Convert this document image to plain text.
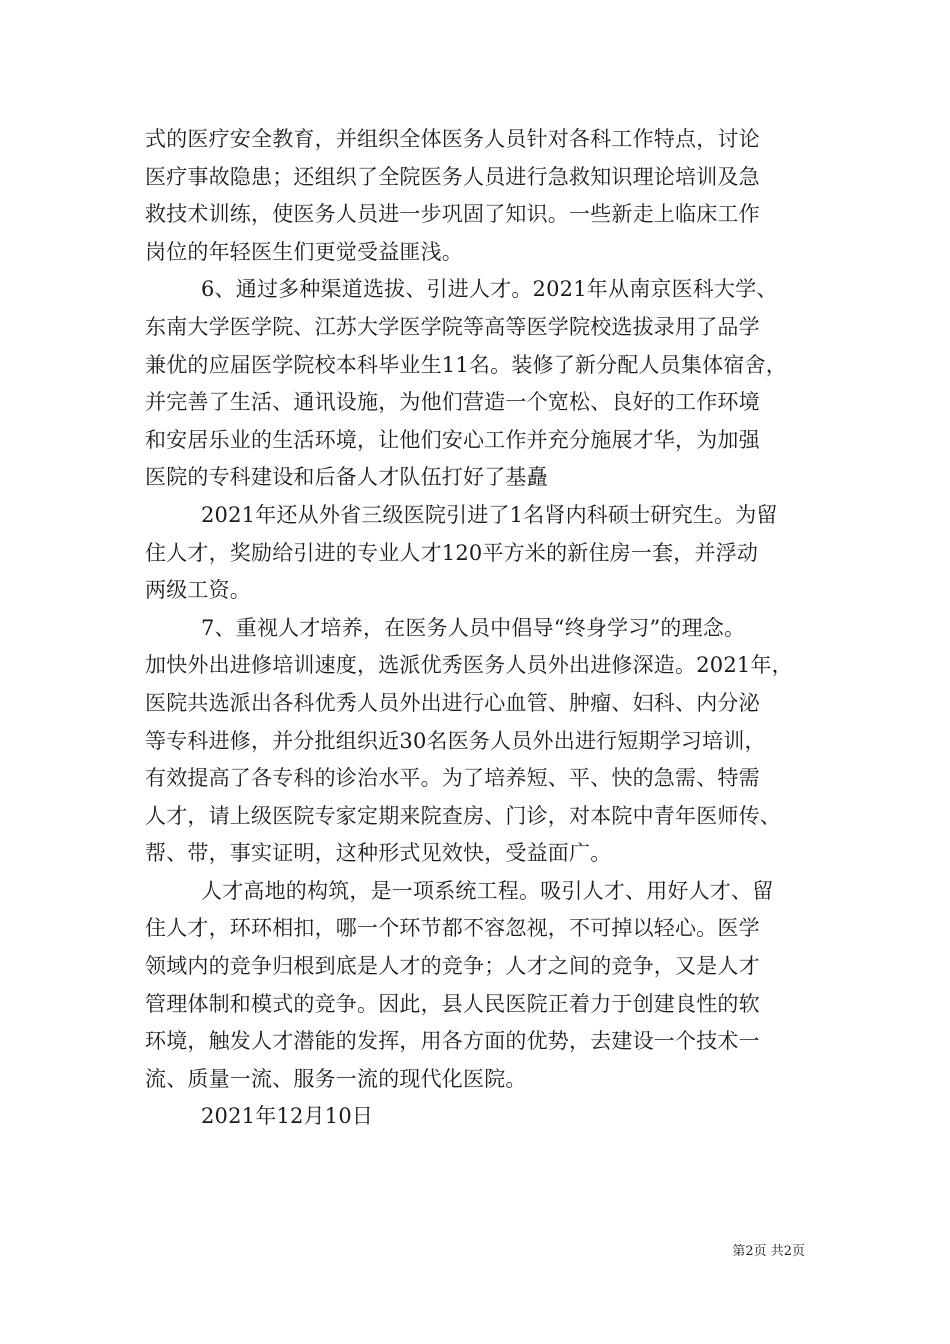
式的医疗安全教育，并组织全体医务人员针对各科工作特点，讨论
医疗事故隐患；还组织了全院医务人员进行急救知识理论培训及急
救技术训练，使医务人员进一步巩固了知识。一些新走上临床工作
岗位的年轻医生们更觉受益匪浅。
6、通过多种渠道选拔、引进人才。2021年从南京医科大学、
东南大学医学院、江苏大学医学院等高等医学院校选拔录用了品学
兼优的应届医学院校本科毕业生11名。装修了新分配人员集体宿舍，
并完善了生活、通讯设施，为他们营造一个宽松、良好的工作环境
和安居乐业的生活环境，让他们安心工作并充分施展才华，为加强
医院的专科建设和后备人才队伍打好了基矗
2021年还从外省三级医院引进了1名肾内科硕士研究生。为留
住人才，奖励给引进的专业人才120平方米的新住房一套，并浮动
两级工资。
7、重视人才培养，在医务人员中倡导“终身学习”的理念。
加快外出进修培训速度，选派优秀医务人员外出进修深造。2021年，
医院共选派出各科优秀人员外出进行心血管、肿瘤、妇科、内分泌
等专科进修，并分批组织近30名医务人员外出进行短期学习培训，
有效提高了各专科的诊治水平。为了培养短、平、快的急需、特需
人才，请上级医院专家定期来院查房、门诊，对本院中青年医师传、
帮、带，事实证明，这种形式见效快，受益面广。
人才高地的构筑，是一项系统工程。吸引人才、用好人才、留
住人才，环环相扣，哪一个环节都不容忽视，不可掉以轻心。医学
领域内的竞争归根到底是人才的竞争；人才之间的竞争，又是人才
管理体制和模式的竞争。因此，县人民医院正着力于创建良性的软
环境，触发人才潜能的发挥，用各方面的优势，去建设一个技术一
流、质量一流、服务一流的现代化医院。
2021年12月10日
第2页 共2页
